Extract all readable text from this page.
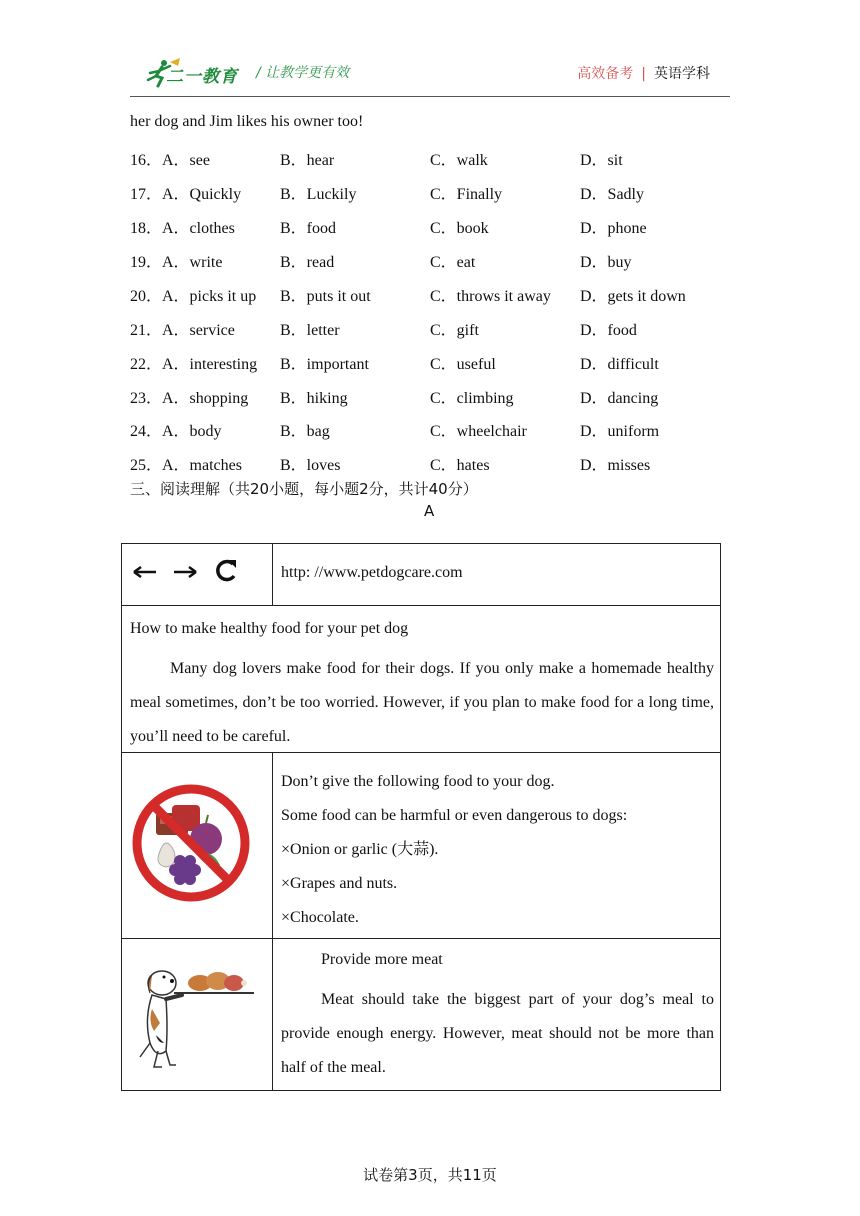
二一教育 / 让教学更有效	高效备考 | 英语学科
her dog and Jim likes his owner too!
16．A．see	B．hear	C．walk	D．sit
17．A．Quickly B．Luckily	C．Finally	D．Sadly
18．A．clothes	B．food	C．book	D．phone
19．A．write	B．read	C．eat	D．buy
20．A．picks it up B．puts it out	C．throws it away D．gets it down
21．A．service	B．letter	C．gift	D．food
22．A．interesting B．important	C．useful	D．difficult
23．A．shopping B．hiking	C．climbing	D．dancing
24．A．body	B．bag	C．wheelchair	D．uniform
25．A．matches B．loves	C．hates	D．misses
三、阅读理解（共20小题，每小题2分，共计40分）
A

http: //www.petdogcare.com

How to make healthy food for your pet dog
Many dog lovers make food for their dogs. If you only make a homemade healthy meal sometimes, don’t be too worried. However, if you plan to make food for a long time, you’ll need to be careful.	

Don’t give the following food to your dog.
Some food can be harmful or even dangerous to dogs:
×Onion or garlic (大蒜).
×Grapes and nuts.
×Chocolate.

Provide more meat
Meat should take the biggest part of your dog’s meal to provide enough energy. However, meat should not be more than half of the meal.
试卷第3页，共11页
